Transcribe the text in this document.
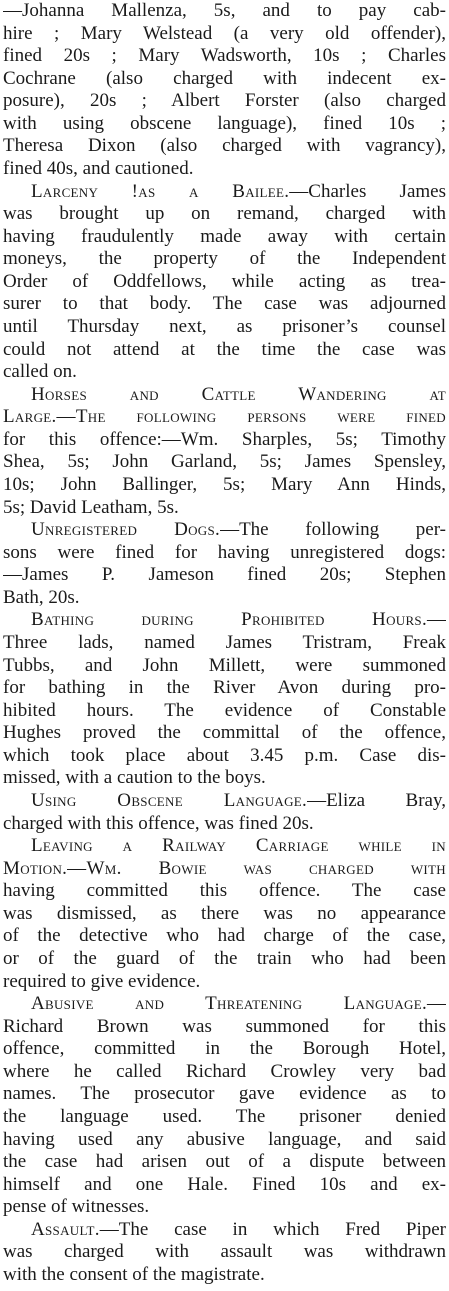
—Johanna Mallenza, 5s, and to pay cab-
hire ; Mary Welstead (a very old offender),
fined 20s ; Mary Wadsworth, 10s ; Charles
Cochrane (also charged with indecent ex-
posure), 20s ; Albert Forster (also charged
with using obscene language), fined 10s ;
Theresa Dixon (also charged with vagrancy),
fined 40s, and cautioned.
Larceny !as a Bailee.—Charles James
was brought up on remand, charged with
having fraudulently made away with certain
moneys, the property of the Independent
Order of Oddfellows, while acting as trea-
surer to that body. The case was adjourned
until Thursday next, as prisoner’s counsel
could not attend at the time the case was
called on.
Horses and Cattle Wandering at
Large.—The following persons were fined
for this offence:—Wm. Sharples, 5s; Timothy
Shea, 5s; John Garland, 5s; James Spensley,
10s; John Ballinger, 5s; Mary Ann Hinds,
5s; David Leatham, 5s.
Unregistered Dogs.—The following per-
sons were fined for having unregistered dogs:
—James P. Jameson fined 20s; Stephen
Bath, 20s.
Bathing during Prohibited Hours.—
Three lads, named James Tristram, Freak
Tubbs, and John Millett, were summoned
for bathing in the River Avon during pro-
hibited hours. The evidence of Constable
Hughes proved the committal of the offence,
which took place about 3.45 p.m. Case dis-
missed, with a caution to the boys.
Using Obscene Language.—Eliza Bray,
charged with this offence, was fined 20s.
Leaving a Railway Carriage while in
Motion.—Wm. Bowie was charged with
having committed this offence. The case
was dismissed, as there was no appearance
of the detective who had charge of the case,
or of the guard of the train who had been
required to give evidence.
Abusive and Threatening Language.—
Richard Brown was summoned for this
offence, committed in the Borough Hotel,
where he called Richard Crowley very bad
names. The prosecutor gave evidence as to
the language used. The prisoner denied
having used any abusive language, and said
the case had arisen out of a dispute between
himself and one Hale. Fined 10s and ex-
pense of witnesses.
Assault.—The case in which Fred Piper
was charged with assault was withdrawn
with the consent of the magistrate.
